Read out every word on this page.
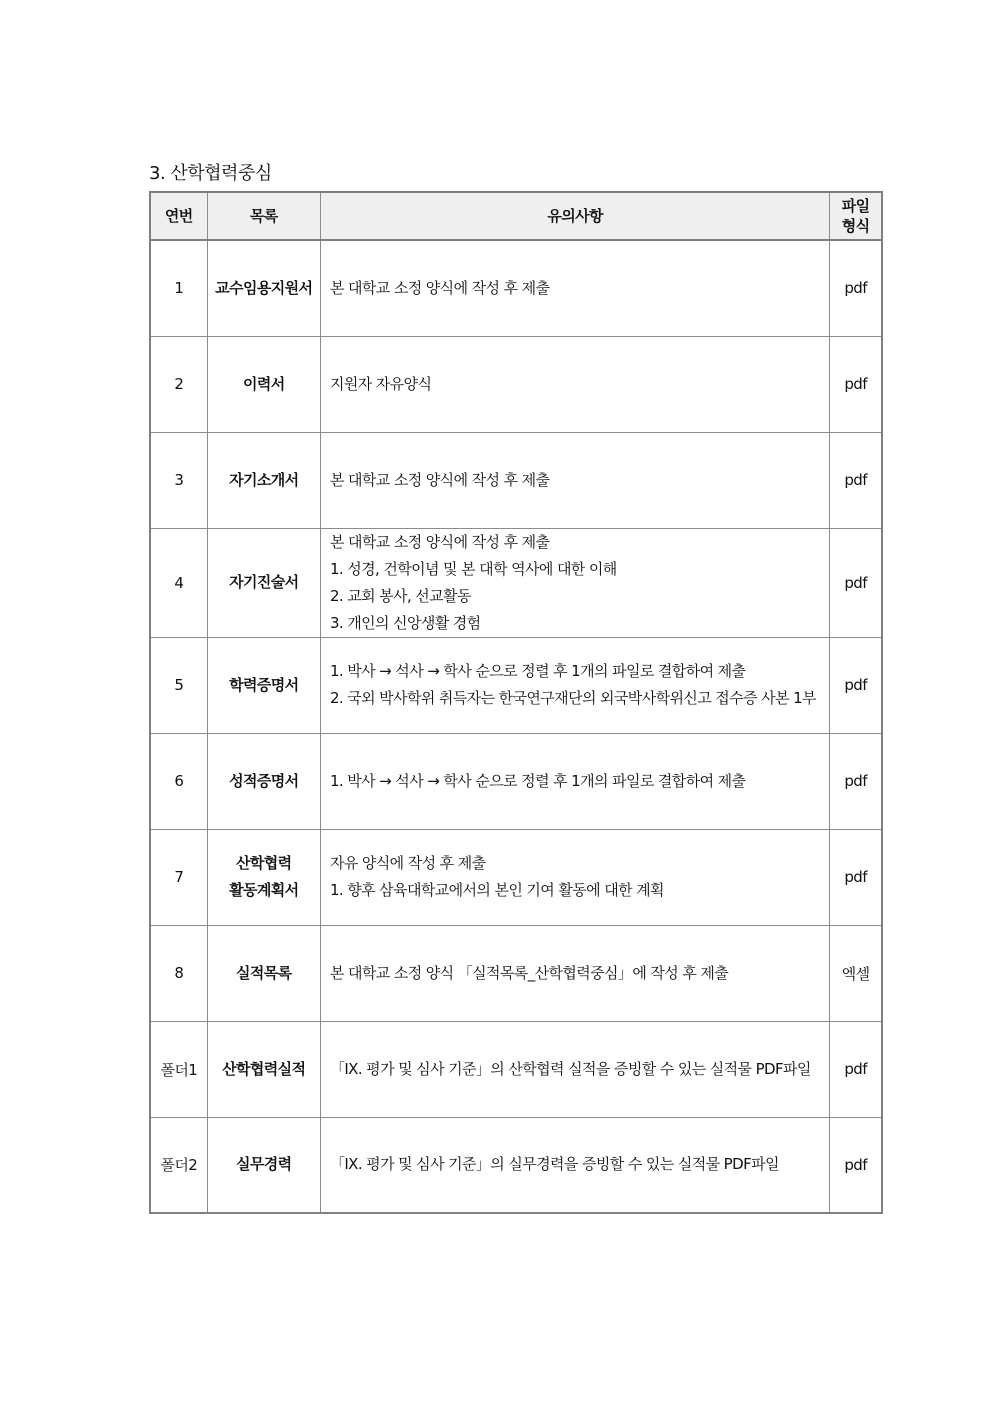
3. 산학협력중심
연번	목록	유의사항	파일
형식

1	교수임용지원서	본 대학교 소정 양식에 작성 후 제출	pdf
2	이력서	지원자 자유양식	pdf
3	자기소개서	본 대학교 소정 양식에 작성 후 제출	pdf
4	자기진술서	본 대학교 소정 양식에 작성 후 제출
1. 성경, 건학이념 및 본 대학 역사에 대한 이해
2. 교회 봉사, 선교활동
3. 개인의 신앙생활 경험	pdf
5	학력증명서	1. 박사 → 석사 → 학사 순으로 정렬 후 1개의 파일로 결합하여 제출
2. 국외 박사학위 취득자는 한국연구재단의 외국박사학위신고 접수증 사본 1부	pdf
6	성적증명서	1. 박사 → 석사 → 학사 순으로 정렬 후 1개의 파일로 결합하여 제출	pdf
7	산학협력
활동계획서	자유 양식에 작성 후 제출
1. 향후 삼육대학교에서의 본인 기여 활동에 대한 계획	pdf
8	실적목록	본 대학교 소정 양식 「실적목록_산학협력중심」에 작성 후 제출	엑셀
폴더1	산학협력실적	「IX. 평가 및 심사 기준」의 산학협력 실적을 증빙할 수 있는 실적물 PDF파일	pdf
폴더2	실무경력	「IX. 평가 및 심사 기준」의 실무경력을 증빙할 수 있는 실적물 PDF파일	pdf
